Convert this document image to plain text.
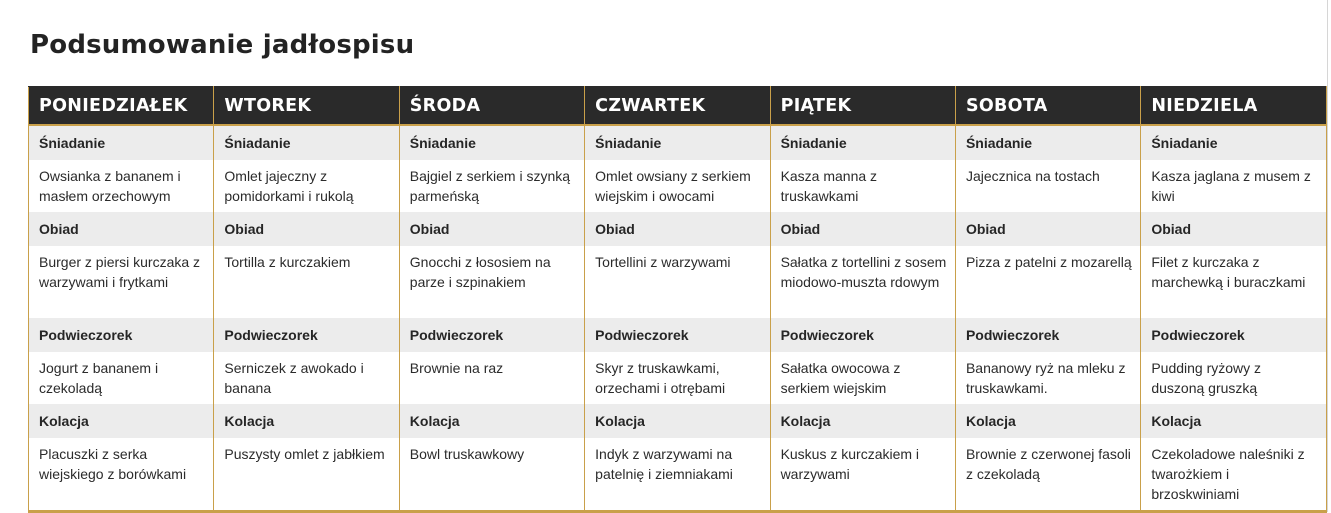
Podsumowanie jadłospisu
PONIEDZIAŁEK	WTOREK	ŚRODA	CZWARTEK	PIĄTEK	SOBOTA	NIEDZIELA
Śniadanie	Śniadanie	Śniadanie	Śniadanie	Śniadanie	Śniadanie	Śniadanie
Owsianka z bananem i masłem orzechowym	Omlet jajeczny z pomidorkami i rukolą	Bajgiel z serkiem i szynką parmeńską	Omlet owsiany z serkiem wiejskim i owocami	Kasza manna z truskawkami	Jajecznica na tostach	Kasza jaglana z musem z kiwi
Obiad	Obiad	Obiad	Obiad	Obiad	Obiad	Obiad
Burger z piersi kurczaka z warzywami i frytkami	Tortilla z kurczakiem	Gnocchi z łososiem na parze i szpinakiem	Tortellini z warzywami	Sałatka z tortellini z sosem miodowo-muszta rdowym	Pizza z patelni z mozarellą	Filet z kurczaka z marchewką i buraczkami
Podwieczorek	Podwieczorek	Podwieczorek	Podwieczorek	Podwieczorek	Podwieczorek	Podwieczorek
Jogurt z bananem i czekoladą	Serniczek z awokado i banana	Brownie na raz	Skyr z truskawkami, orzechami i otrębami	Sałatka owocowa z serkiem wiejskim	Bananowy ryż na mleku z truskawkami.	Pudding ryżowy z duszoną gruszką
Kolacja	Kolacja	Kolacja	Kolacja	Kolacja	Kolacja	Kolacja
Placuszki z serka wiejskiego z borówkami	Puszysty omlet z jabłkiem	Bowl truskawkowy	Indyk z warzywami na patelnię i ziemniakami	Kuskus z kurczakiem i warzywami	Brownie z czerwonej fasoli z czekoladą	Czekoladowe naleśniki z twarożkiem i brzoskwiniami
